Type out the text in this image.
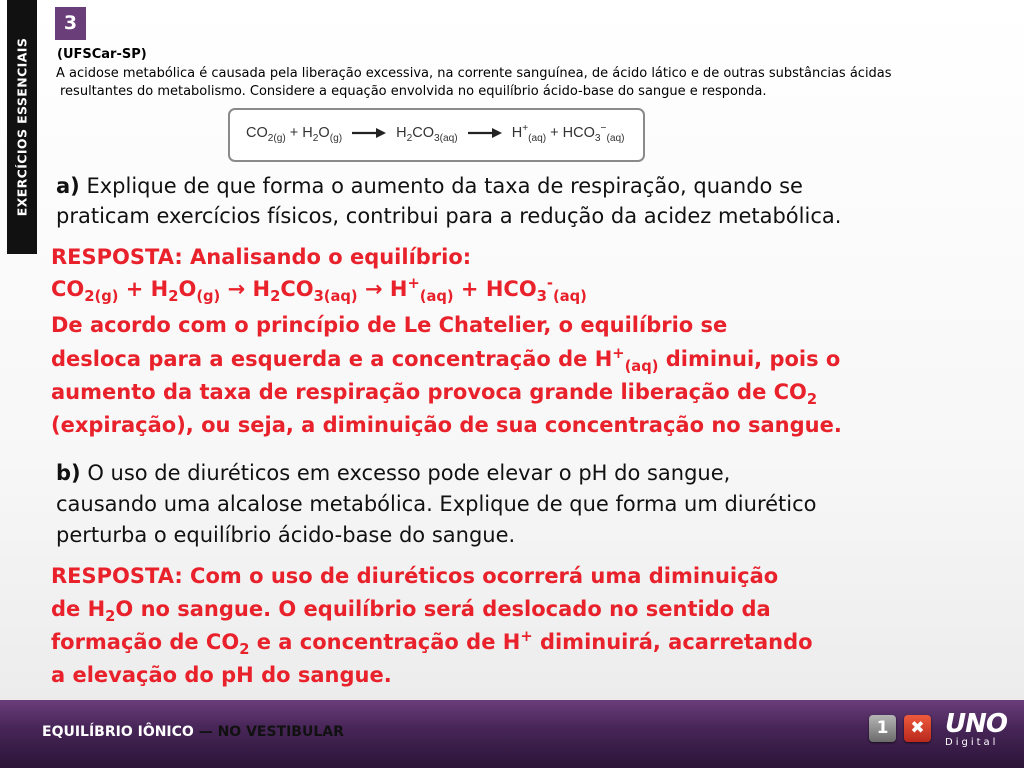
EXERCÍCIOS ESSENCIAIS
3
(UFSCar-SP)
A acidose metabólica é causada pela liberação excessiva, na corrente sanguínea, de ácido lático e de outras substâncias ácidas
resultantes do metabolismo. Considere a equação envolvida no equilíbrio ácido-base do sangue e responda.
$CO_{2(g)} + H_2O_{(g)}$	$H_2CO_{3(aq)}$	$H^+_{(aq)} + HCO_3^-_{(aq)}$
a) Explique de que forma o aumento da taxa de respiração, quando se
praticam exercícios físicos, contribui para a redução da acidez metabólica.
RESPOSTA: Analisando o equilíbrio:
$CO_{2(g)} + H_2O_{(g)} \to H_2CO_{3(aq)} \to H^+_{(aq)} + HCO_3^-_{(aq)}$
De acordo com o princípio de Le Chatelier, o equilíbrio se
desloca para a esquerda e a concentração de $H^+_{(aq)}$ diminui, pois o
aumento da taxa de respiração provoca grande liberação de $CO_2$
(expiração), ou seja, a diminuição de sua concentração no sangue.
b) O uso de diuréticos em excesso pode elevar o pH do sangue,
causando uma alcalose metabólica. Explique de que forma um diurético
perturba o equilíbrio ácido-base do sangue.
RESPOSTA: Com o uso de diuréticos ocorrerá uma diminuição
de $H_2O$ no sangue. O equilíbrio será deslocado no sentido da
formação de $CO_2$ e a concentração de H+ diminuirá, acarretando
a elevação do pH do sangue.
EQUILÍBRIO IÔNICO — NO VESTIBULAR	1	✖ UNO
Digital
